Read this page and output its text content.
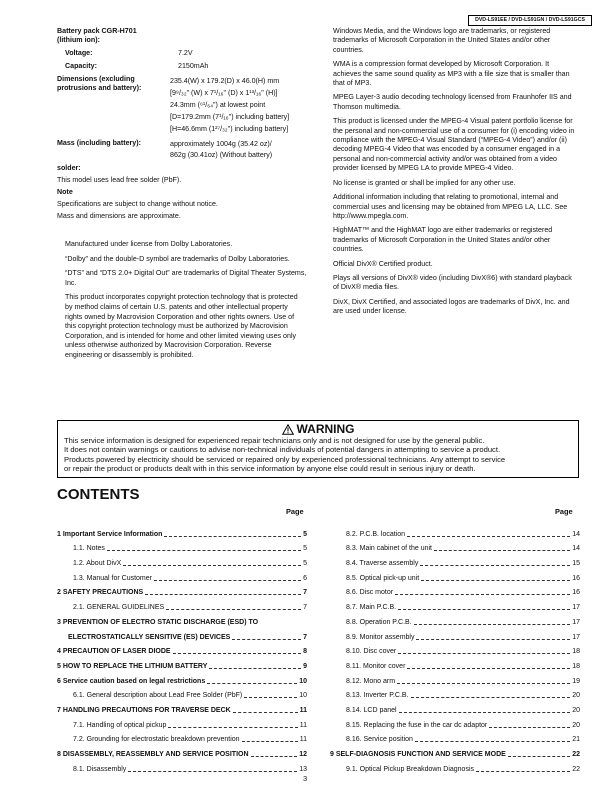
DVD-LS91EE / DVD-LS91GN / DVD-LS91GCS

Battery pack CGR-H701

(lithium ion):

Voltage:	7.2V
Capacity:	2150mAh
Dimensions (excluding
protrusions and battery):
235.4(W) x 179.2(D) x 46.0(H) mm
[9⁹/₃₂" (W) x 7¹/₁₆" (D) x 1¹³/₁₆" (H)]
24.3mm (⁶¹/₆₄") at lowest point
[D=179.2mm (7¹/₁₆") including battery]
[H=46.6mm (1²⁷/₃₂") including battery]
Mass (including battery):	approximately 1004g (35.42 oz)/
862g (30.41oz) (Without battery)

solder:

This model uses lead free solder (PbF).

Note

Specifications are subject to change without notice.

Mass and dimensions are approximate.

Manufactured under license from Dolby Laboratories.

“Dolby” and the double-D symbol are trademarks of Dolby Laboratories.

“DTS” and “DTS 2.0+ Digital Out” are trademarks of Digital Theater Systems, Inc.

This product incorporates copyright protection technology that is protected by method claims of certain U.S. patents and other intellectual property rights owned by Macrovision Corporation and other rights owners. Use of this copyright protection technology must be authorized by Macrovision Corporation, and is intended for home and other limited viewing uses only unless otherwise authorized by Macrovision Corporation. Reverse engineering or disassembly is prohibited.

Windows Media, and the Windows logo are trademarks, or registered trademarks of Microsoft Corporation in the United States and/or other countries.

WMA is a compression format developed by Microsoft Corporation. It achieves the same sound quality as MP3 with a file size that is smaller than that of MP3.

MPEG Layer-3 audio decoding technology licensed from Fraunhofer IIS and Thomson multimedia.

This product is licensed under the MPEG-4 Visual patent portfolio license for the personal and non-commercial use of a consumer for (i) encoding video in compliance with the MPEG-4 Visual Standard (“MPEG-4 Video”) and/or (ii) decoding MPEG-4 Video that was encoded by a consumer engaged in a personal and non-commercial activity and/or was obtained from a video provider licensed by MPEG LA to provide MPEG-4 Video.

No license is granted or shall be implied for any other use.

Additional information including that relating to promotional, internal and commercial uses and licensing may be obtained from MPEG LA, LLC. See http://www.mpegla.com.

HighMAT™ and the HighMAT logo are either trademarks or registered trademarks of Microsoft Corporation in the United States and/or other countries.

Official DivX® Certified product.

Plays all versions of DivX® video (including DivX®6) with standard playback of DivX® media files.

DivX, DivX Certified, and associated logos are trademarks of DivX, Inc. and are used under license.

WARNING
This service information is designed for experienced repair technicians only and is not designed for use by the general public.
It does not contain warnings or cautions to advise non-technical individuals of potential dangers in attempting to service a product.
Products powered by electricity should be serviced or repaired only by experienced professional technicians. Any attempt to service
or repair the product or products dealt with in this service information by anyone else could result in serious injury or death.
CONTENTS
Page	Page
1 Important Service Information	5
1.1. Notes	5
1.2. About DivX	5
1.3. Manual for Customer	6
2 SAFETY PRECAUTIONS	7
2.1. GENERAL GUIDELINES	7
3 PREVENTION OF ELECTRO STATIC DISCHARGE (ESD) TO
ELECTROSTATICALLY SENSITIVE (ES) DEVICES	7
4 PRECAUTION OF LASER DIODE	8
5 HOW TO REPLACE THE LITHIUM BATTERY	9
6 Service caution based on legal restrictions	10
6.1. General description about Lead Free Solder (PbF)	10
7 HANDLING PRECAUTIONS FOR TRAVERSE DECK	11
7.1. Handling of optical pickup	11
7.2. Grounding for electrostatic breakdown prevention	11
8 DISASSEMBLY, REASSEMBLY AND SERVICE POSITION	12
8.1. Disassembly	13
8.2. P.C.B. location	14
8.3. Main cabinet of the unit	14
8.4. Traverse assembly	15
8.5. Optical pick-up unit	16
8.6. Disc motor	16
8.7. Main P.C.B.	17
8.8. Operation P.C.B.	17
8.9. Monitor assembly	17
8.10. Disc cover	18
8.11. Monitor cover	18
8.12. Mono arm	19
8.13. Inverter P.C.B.	20
8.14. LCD panel	20
8.15. Replacing the fuse in the car dc adaptor	20
8.16. Service position	21
9 SELF-DIAGNOSIS FUNCTION AND SERVICE MODE	22
9.1. Optical Pickup Breakdown Diagnosis	22
3
